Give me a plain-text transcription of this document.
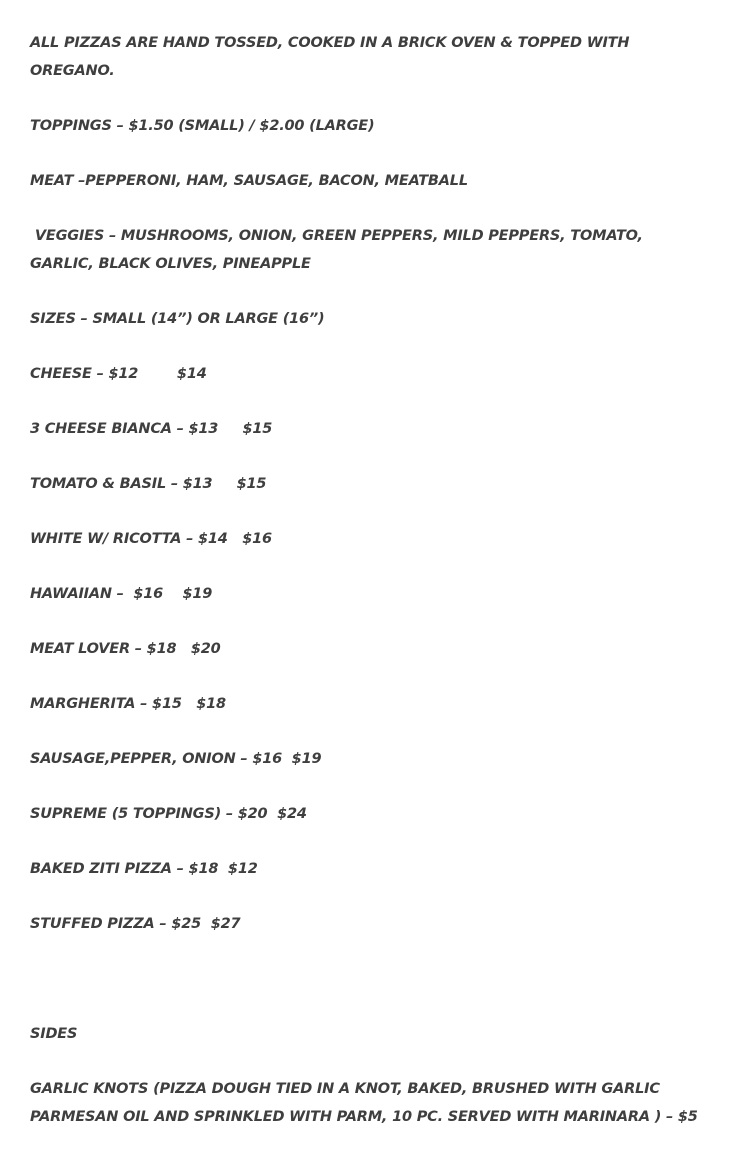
ALL PIZZAS ARE HAND TOSSED, COOKED IN A BRICK OVEN & TOPPED WITH OREGANO.
TOPPINGS – $1.50 (SMALL) / $2.00 (LARGE)
MEAT –PEPPERONI, HAM, SAUSAGE, BACON, MEATBALL
VEGGIES – MUSHROOMS, ONION, GREEN PEPPERS, MILD PEPPERS, TOMATO, GARLIC, BLACK OLIVES, PINEAPPLE
SIZES – SMALL (14”) OR LARGE (16”)
CHEESE – $12        $14
3 CHEESE BIANCA – $13     $15
TOMATO & BASIL – $13     $15
WHITE W/ RICOTTA – $14   $16
HAWAIIAN –  $16    $19
MEAT LOVER – $18   $20
MARGHERITA – $15   $18
SAUSAGE,PEPPER, ONION – $16  $19
SUPREME (5 TOPPINGS) – $20  $24
BAKED ZITI PIZZA – $18  $12
STUFFED PIZZA – $25  $27
SIDES
GARLIC KNOTS (PIZZA DOUGH TIED IN A KNOT, BAKED, BRUSHED WITH GARLIC PARMESAN OIL AND SPRINKLED WITH PARM, 10 PC. SERVED WITH MARINARA ) – $5
